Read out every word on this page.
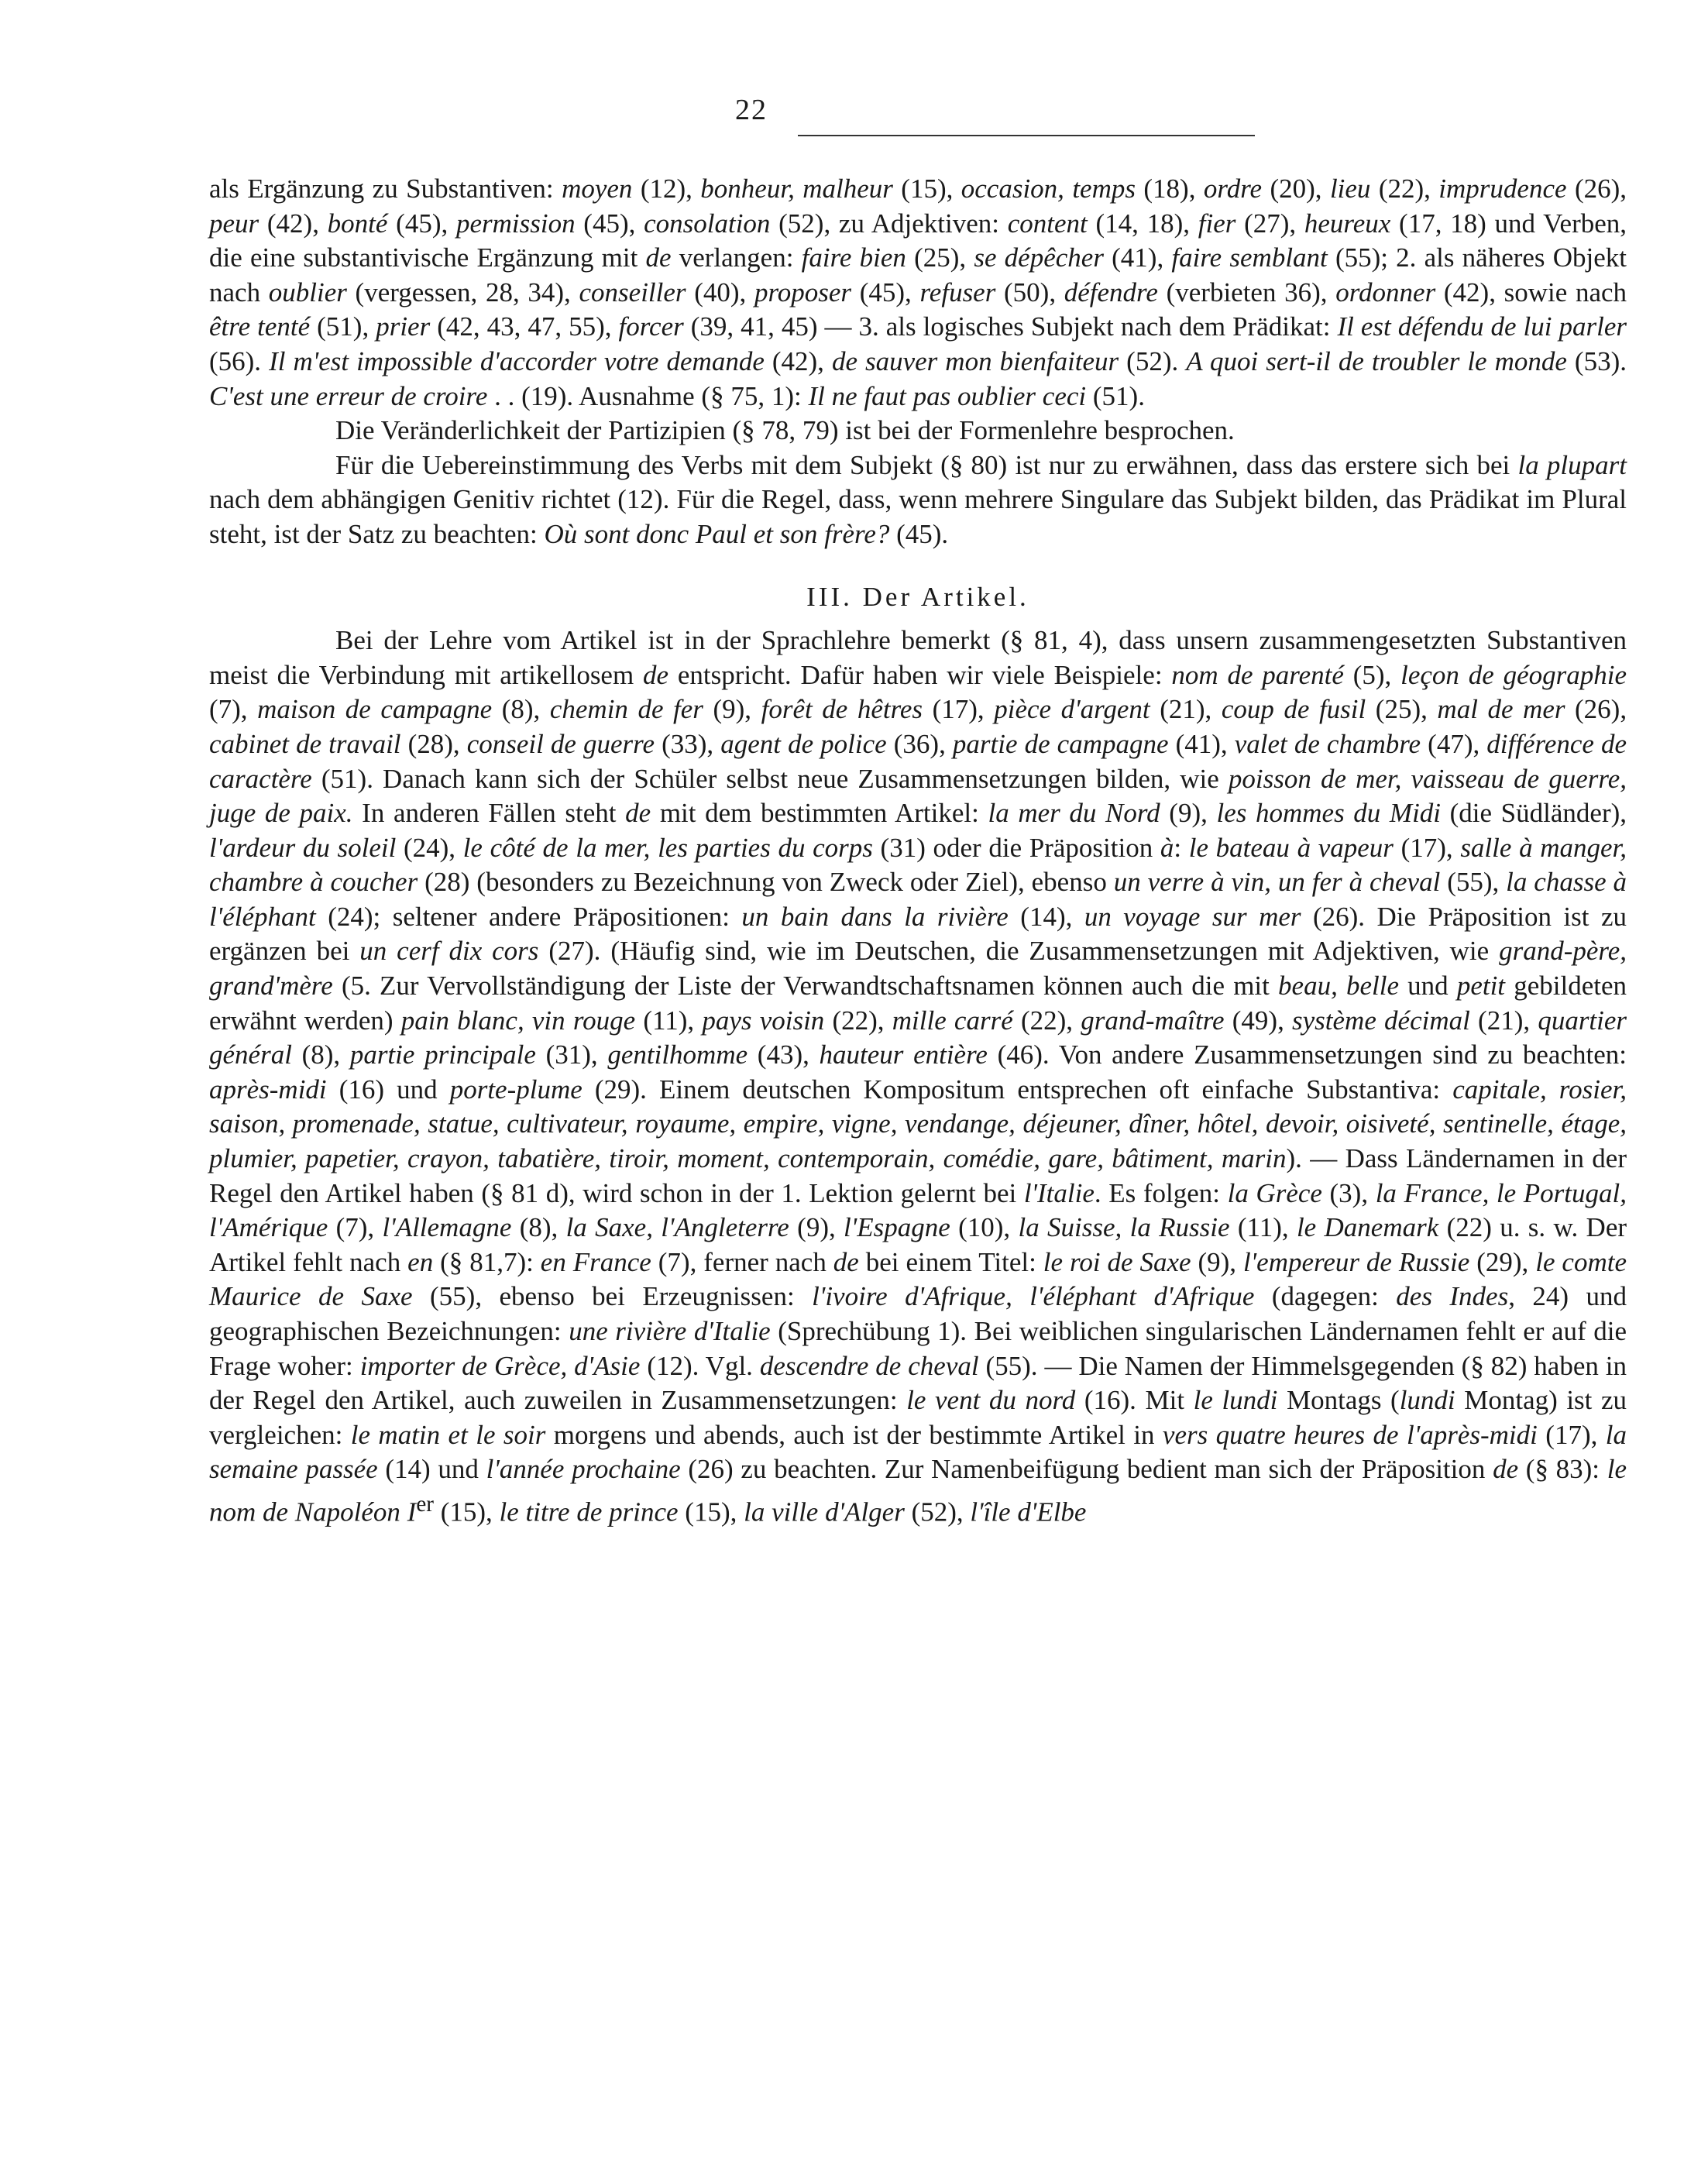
22

als Ergänzung zu Substantiven: moyen (12), bonheur, malheur (15), occasion, temps (18), ordre (20), lieu (22), imprudence (26), peur (42), bonté (45), permission (45), consolation (52), zu Adjektiven: content (14, 18), fier (27), heureux (17, 18) und Verben, die eine substantivische Ergänzung mit de verlangen: faire bien (25), se dépêcher (41), faire semblant (55); 2. als näheres Objekt nach oublier (vergessen, 28, 34), conseiller (40), proposer (45), refuser (50), défendre (verbieten 36), ordonner (42), sowie nach être tenté (51), prier (42, 43, 47, 55), forcer (39, 41, 45) — 3. als logisches Subjekt nach dem Prädikat: Il est défendu de lui parler (56). Il m'est impossible d'accorder votre demande (42), de sauver mon bienfaiteur (52). A quoi sert-il de troubler le monde (53). C'est une erreur de croire . . (19). Ausnahme (§ 75, 1): Il ne faut pas oublier ceci (51).

Die Veränderlichkeit der Partizipien (§ 78, 79) ist bei der Formenlehre besprochen.

Für die Uebereinstimmung des Verbs mit dem Subjekt (§ 80) ist nur zu erwähnen, dass das erstere sich bei la plupart nach dem abhängigen Genitiv richtet (12). Für die Regel, dass, wenn mehrere Singulare das Subjekt bilden, das Prädikat im Plural steht, ist der Satz zu beachten: Où sont donc Paul et son frère? (45).

III. Der Artikel.

Bei der Lehre vom Artikel ist in der Sprachlehre bemerkt (§ 81, 4), dass unsern zusammengesetzten Substantiven meist die Verbindung mit artikellosem de entspricht. Dafür haben wir viele Beispiele: nom de parenté (5), leçon de géographie (7), maison de campagne (8), chemin de fer (9), forêt de hêtres (17), pièce d'argent (21), coup de fusil (25), mal de mer (26), cabinet de travail (28), conseil de guerre (33), agent de police (36), partie de campagne (41), valet de chambre (47), différence de caractère (51). Danach kann sich der Schüler selbst neue Zusammensetzungen bilden, wie poisson de mer, vaisseau de guerre, juge de paix. In anderen Fällen steht de mit dem bestimmten Artikel: la mer du Nord (9), les hommes du Midi (die Südländer), l'ardeur du soleil (24), le côté de la mer, les parties du corps (31) oder die Präposition à: le bateau à vapeur (17), salle à manger, chambre à coucher (28) (besonders zu Bezeichnung von Zweck oder Ziel), ebenso un verre à vin, un fer à cheval (55), la chasse à l'éléphant (24); seltener andere Präpositionen: un bain dans la rivière (14), un voyage sur mer (26). Die Präposition ist zu ergänzen bei un cerf dix cors (27). (Häufig sind, wie im Deutschen, die Zusammensetzungen mit Adjektiven, wie grand-père, grand'mère (5. Zur Vervollständigung der Liste der Verwandtschaftsnamen können auch die mit beau, belle und petit gebildeten erwähnt werden) pain blanc, vin rouge (11), pays voisin (22), mille carré (22), grand-maître (49), système décimal (21), quartier général (8), partie principale (31), gentilhomme (43), hauteur entière (46). Von andere Zusammensetzungen sind zu beachten: après-midi (16) und porte-plume (29). Einem deutschen Kompositum entsprechen oft einfache Substantiva: capitale, rosier, saison, promenade, statue, cultivateur, royaume, empire, vigne, vendange, déjeuner, dîner, hôtel, devoir, oisiveté, sentinelle, étage, plumier, papetier, crayon, tabatière, tiroir, moment, contemporain, comédie, gare, bâtiment, marin). — Dass Ländernamen in der Regel den Artikel haben (§ 81 d), wird schon in der 1. Lektion gelernt bei l'Italie. Es folgen: la Grèce (3), la France, le Portugal, l'Amérique (7), l'Allemagne (8), la Saxe, l'Angleterre (9), l'Espagne (10), la Suisse, la Russie (11), le Danemark (22) u. s. w. Der Artikel fehlt nach en (§ 81,7): en France (7), ferner nach de bei einem Titel: le roi de Saxe (9), l'empereur de Russie (29), le comte Maurice de Saxe (55), ebenso bei Erzeugnissen: l'ivoire d'Afrique, l'éléphant d'Afrique (dagegen: des Indes, 24) und geographischen Bezeichnungen: une rivière d'Italie (Sprechübung 1). Bei weiblichen singularischen Ländernamen fehlt er auf die Frage woher: importer de Grèce, d'Asie (12). Vgl. descendre de cheval (55). — Die Namen der Himmelsgegenden (§ 82) haben in der Regel den Artikel, auch zuweilen in Zusammensetzungen: le vent du nord (16). Mit le lundi Montags (lundi Montag) ist zu vergleichen: le matin et le soir morgens und abends, auch ist der bestimmte Artikel in vers quatre heures de l'après-midi (17), la semaine passée (14) und l'année prochaine (26) zu beachten. Zur Namenbeifügung bedient man sich der Präposition de (§ 83): le nom de Napoléon Ier (15), le titre de prince (15), la ville d'Alger (52), l'île d'Elbe
